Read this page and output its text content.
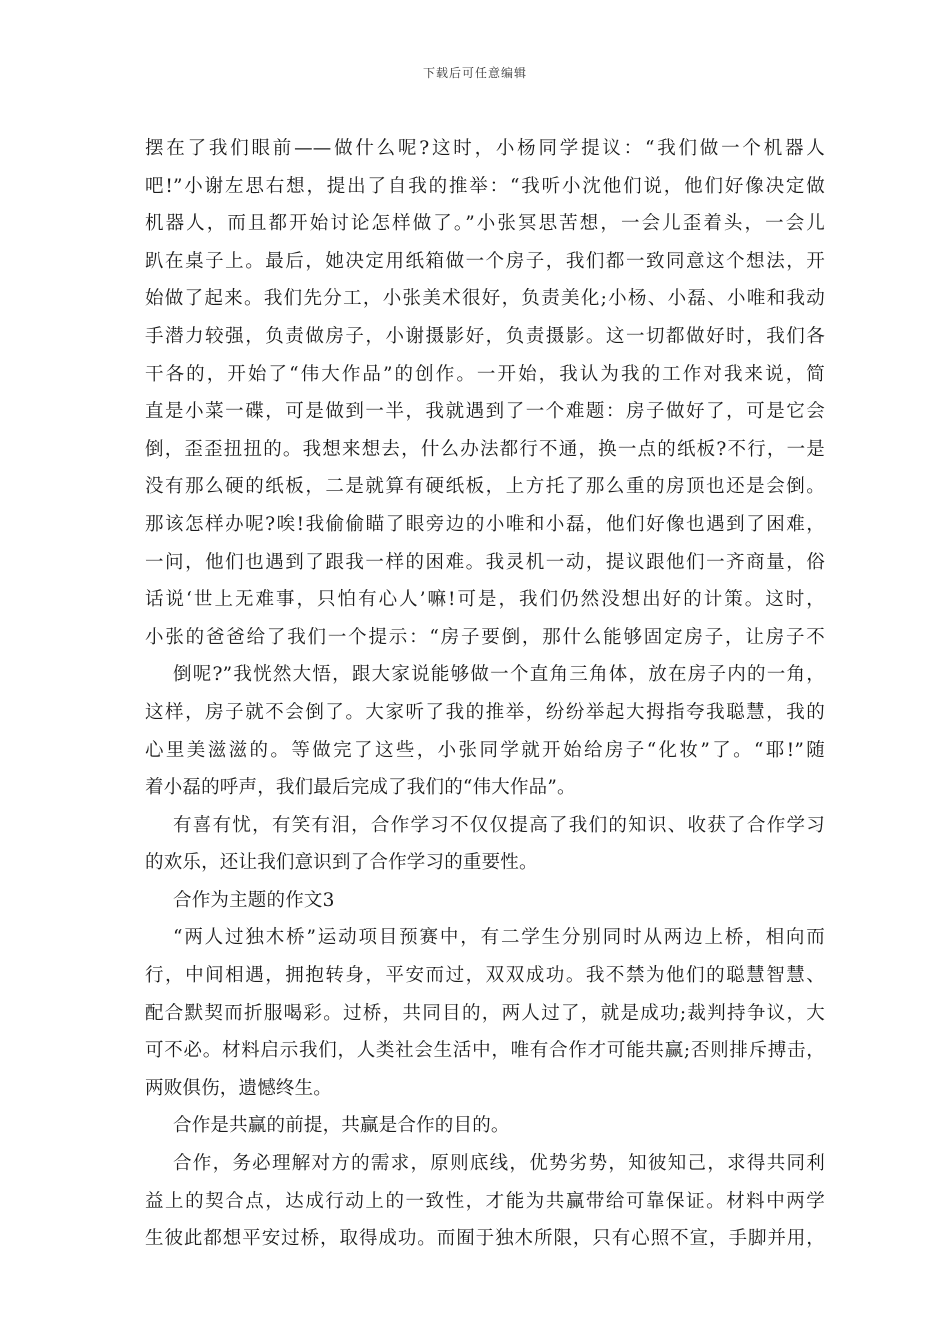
下载后可任意编辑
摆在了我们眼前——做什么呢?这时，小杨同学提议：“我们做一个机器人
吧!”小谢左思右想，提出了自我的推举：“我听小沈他们说，他们好像决定做
机器人，而且都开始讨论怎样做了。”小张冥思苦想，一会儿歪着头，一会儿
趴在桌子上。最后，她决定用纸箱做一个房子，我们都一致同意这个想法，开
始做了起来。我们先分工，小张美术很好，负责美化;小杨、小磊、小唯和我动
手潜力较强，负责做房子，小谢摄影好，负责摄影。这一切都做好时，我们各
干各的，开始了“伟大作品”的创作。一开始，我认为我的工作对我来说，简
直是小菜一碟，可是做到一半，我就遇到了一个难题：房子做好了，可是它会
倒，歪歪扭扭的。我想来想去，什么办法都行不通，换一点的纸板?不行，一是
没有那么硬的纸板，二是就算有硬纸板，上方托了那么重的房顶也还是会倒。
那该怎样办呢?唉!我偷偷瞄了眼旁边的小唯和小磊，他们好像也遇到了困难，
一问，他们也遇到了跟我一样的困难。我灵机一动，提议跟他们一齐商量，俗
话说‘世上无难事，只怕有心人’嘛!可是，我们仍然没想出好的计策。这时，
小张的爸爸给了我们一个提示：“房子要倒，那什么能够固定房子，让房子不
倒呢?”我恍然大悟，跟大家说能够做一个直角三角体，放在房子内的一角，
这样，房子就不会倒了。大家听了我的推举，纷纷举起大拇指夸我聪慧，我的
心里美滋滋的。等做完了这些，小张同学就开始给房子“化妆”了。“耶!”随
着小磊的呼声，我们最后完成了我们的“伟大作品”。
有喜有忧，有笑有泪，合作学习不仅仅提高了我们的知识、收获了合作学习
的欢乐，还让我们意识到了合作学习的重要性。
合作为主题的作文3
“两人过独木桥”运动项目预赛中，有二学生分别同时从两边上桥，相向而
行，中间相遇，拥抱转身，平安而过，双双成功。我不禁为他们的聪慧智慧、
配合默契而折服喝彩。过桥，共同目的，两人过了，就是成功;裁判持争议，大
可不必。材料启示我们，人类社会生活中，唯有合作才可能共赢;否则排斥搏击，
两败俱伤，遗憾终生。
合作是共赢的前提，共赢是合作的目的。
合作，务必理解对方的需求，原则底线，优势劣势，知彼知己，求得共同利
益上的契合点，达成行动上的一致性，才能为共赢带给可靠保证。材料中两学
生彼此都想平安过桥，取得成功。而囿于独木所限，只有心照不宣，手脚并用，
